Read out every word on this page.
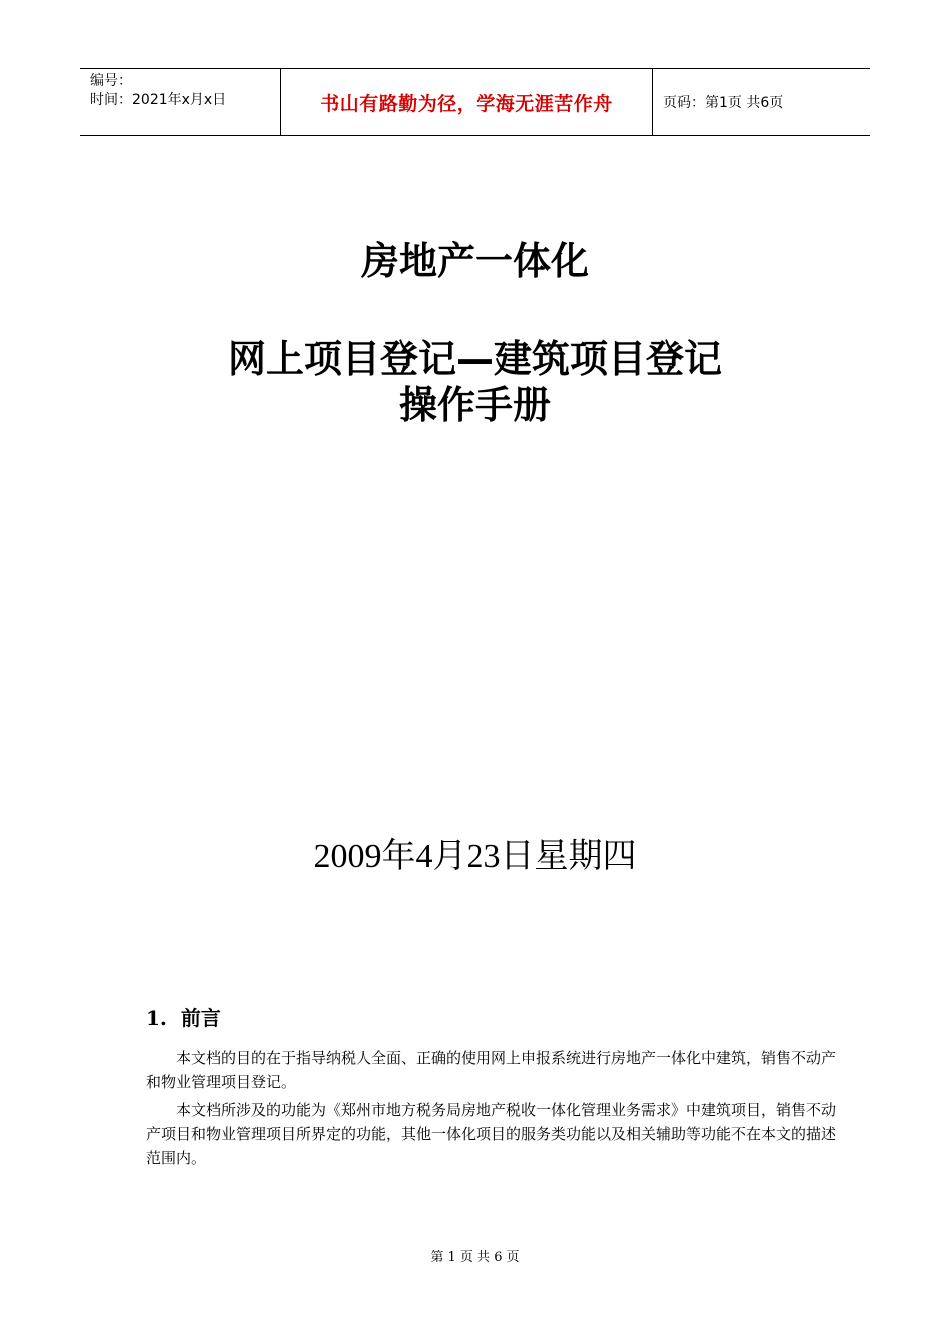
编号：
时间：2021年x月x日	书山有路勤为径，学海无涯苦作舟	页码：第1页 共6页
房地产一体化
网上项目登记—建筑项目登记
操作手册
2009年4月23日星期四
1. 前言

本文档的目的在于指导纳税人全面、正确的使用网上申报系统进行房地产一体化中建筑，销售不动产和物业管理项目登记。

本文档所涉及的功能为《郑州市地方税务局房地产税收一体化管理业务需求》中建筑项目，销售不动产项目和物业管理项目所界定的功能，其他一体化项目的服务类功能以及相关辅助等功能不在本文的描述范围内。

第 1 页 共 6 页
